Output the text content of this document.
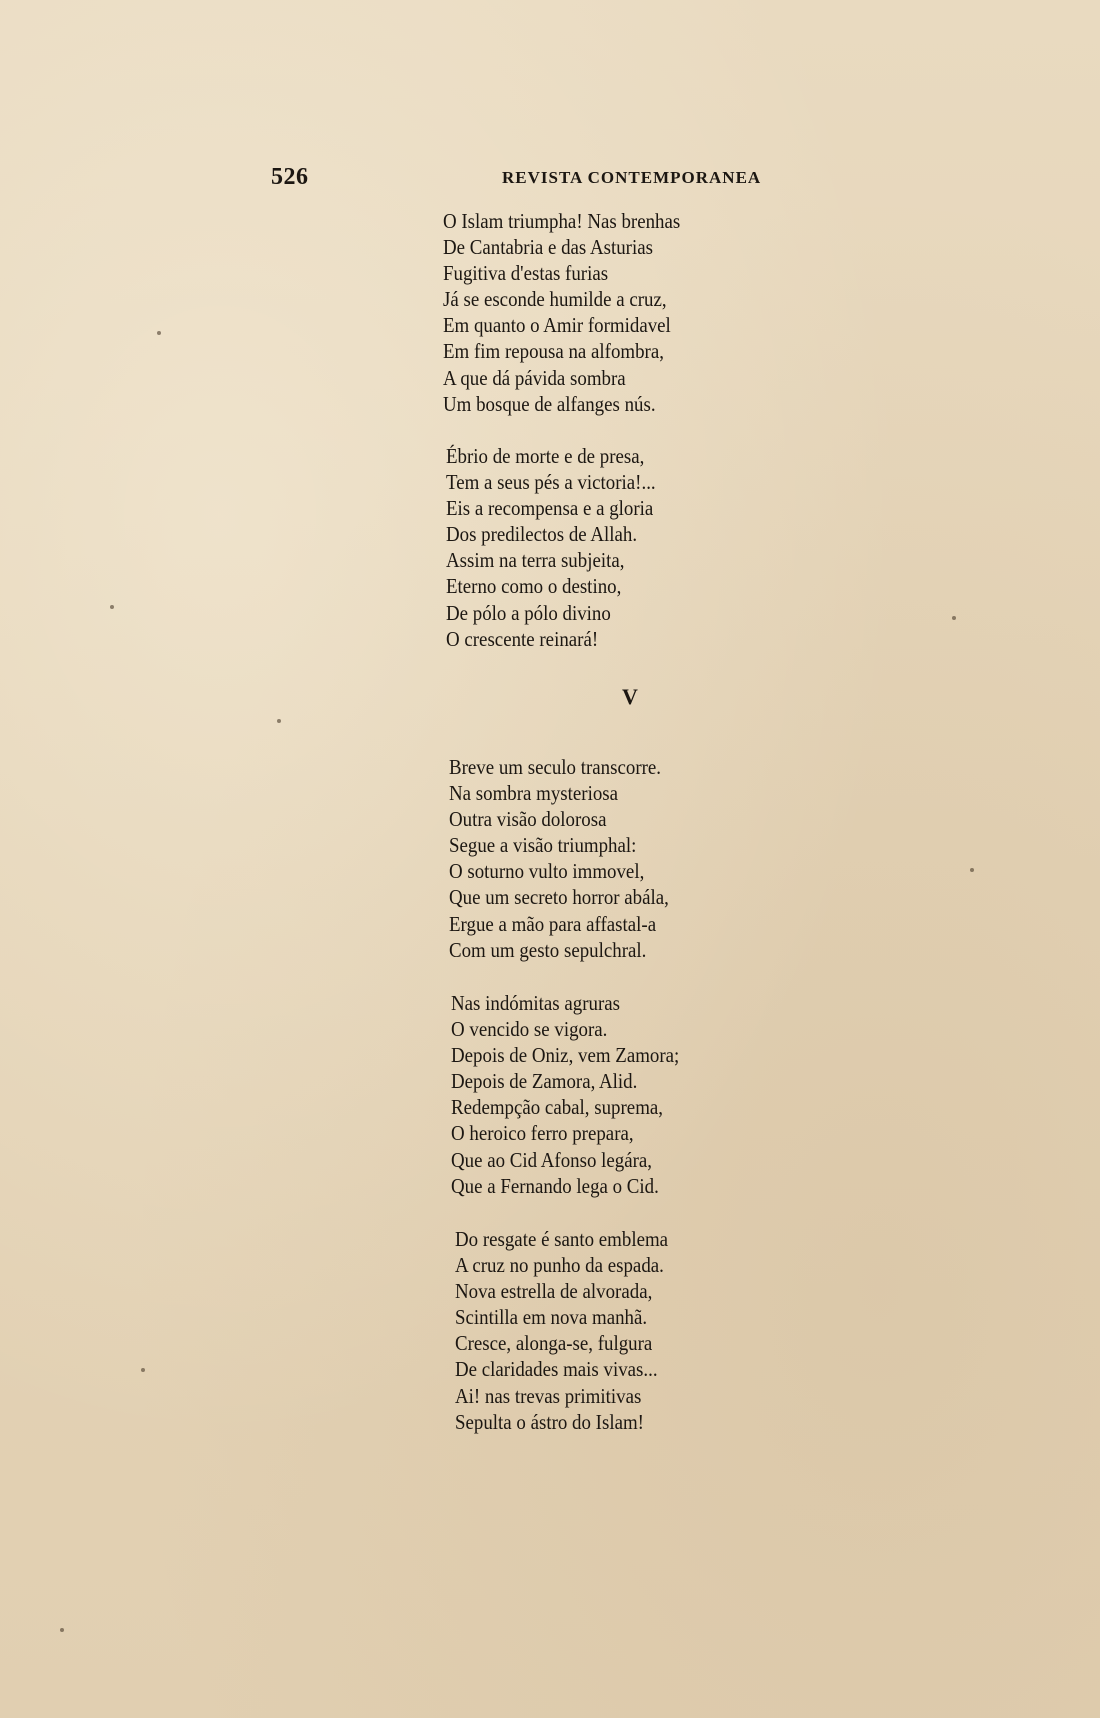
526	REVISTA CONTEMPORANEA
O Islam triumpha! Nas brenhas
De Cantabria e das Asturias
Fugitiva d'estas furias
Já se esconde humilde a cruz,
Em quanto o Amir formidavel
Em fim repousa na alfombra,
A que dá pávida sombra
Um bosque de alfanges nús.
Ébrio de morte e de presa,
Tem a seus pés a victoria!...
Eis a recompensa e a gloria
Dos predilectos de Allah.
Assim na terra subjeita,
Eterno como o destino,
De pólo a pólo divino
O crescente reinará!
V
Breve um seculo transcorre.
Na sombra mysteriosa
Outra visão dolorosa
Segue a visão triumphal:
O soturno vulto immovel,
Que um secreto horror abála,
Ergue a mão para affastal-a
Com um gesto sepulchral.
Nas indómitas agruras
O vencido se vigora.
Depois de Oniz, vem Zamora;
Depois de Zamora, Alid.
Redempção cabal, suprema,
O heroico ferro prepara,
Que ao Cid Afonso legára,
Que a Fernando lega o Cid.
Do resgate é santo emblema
A cruz no punho da espada.
Nova estrella de alvorada,
Scintilla em nova manhã.
Cresce, alonga-se, fulgura
De claridades mais vivas...
Ai! nas trevas primitivas
Sepulta o ástro do Islam!
